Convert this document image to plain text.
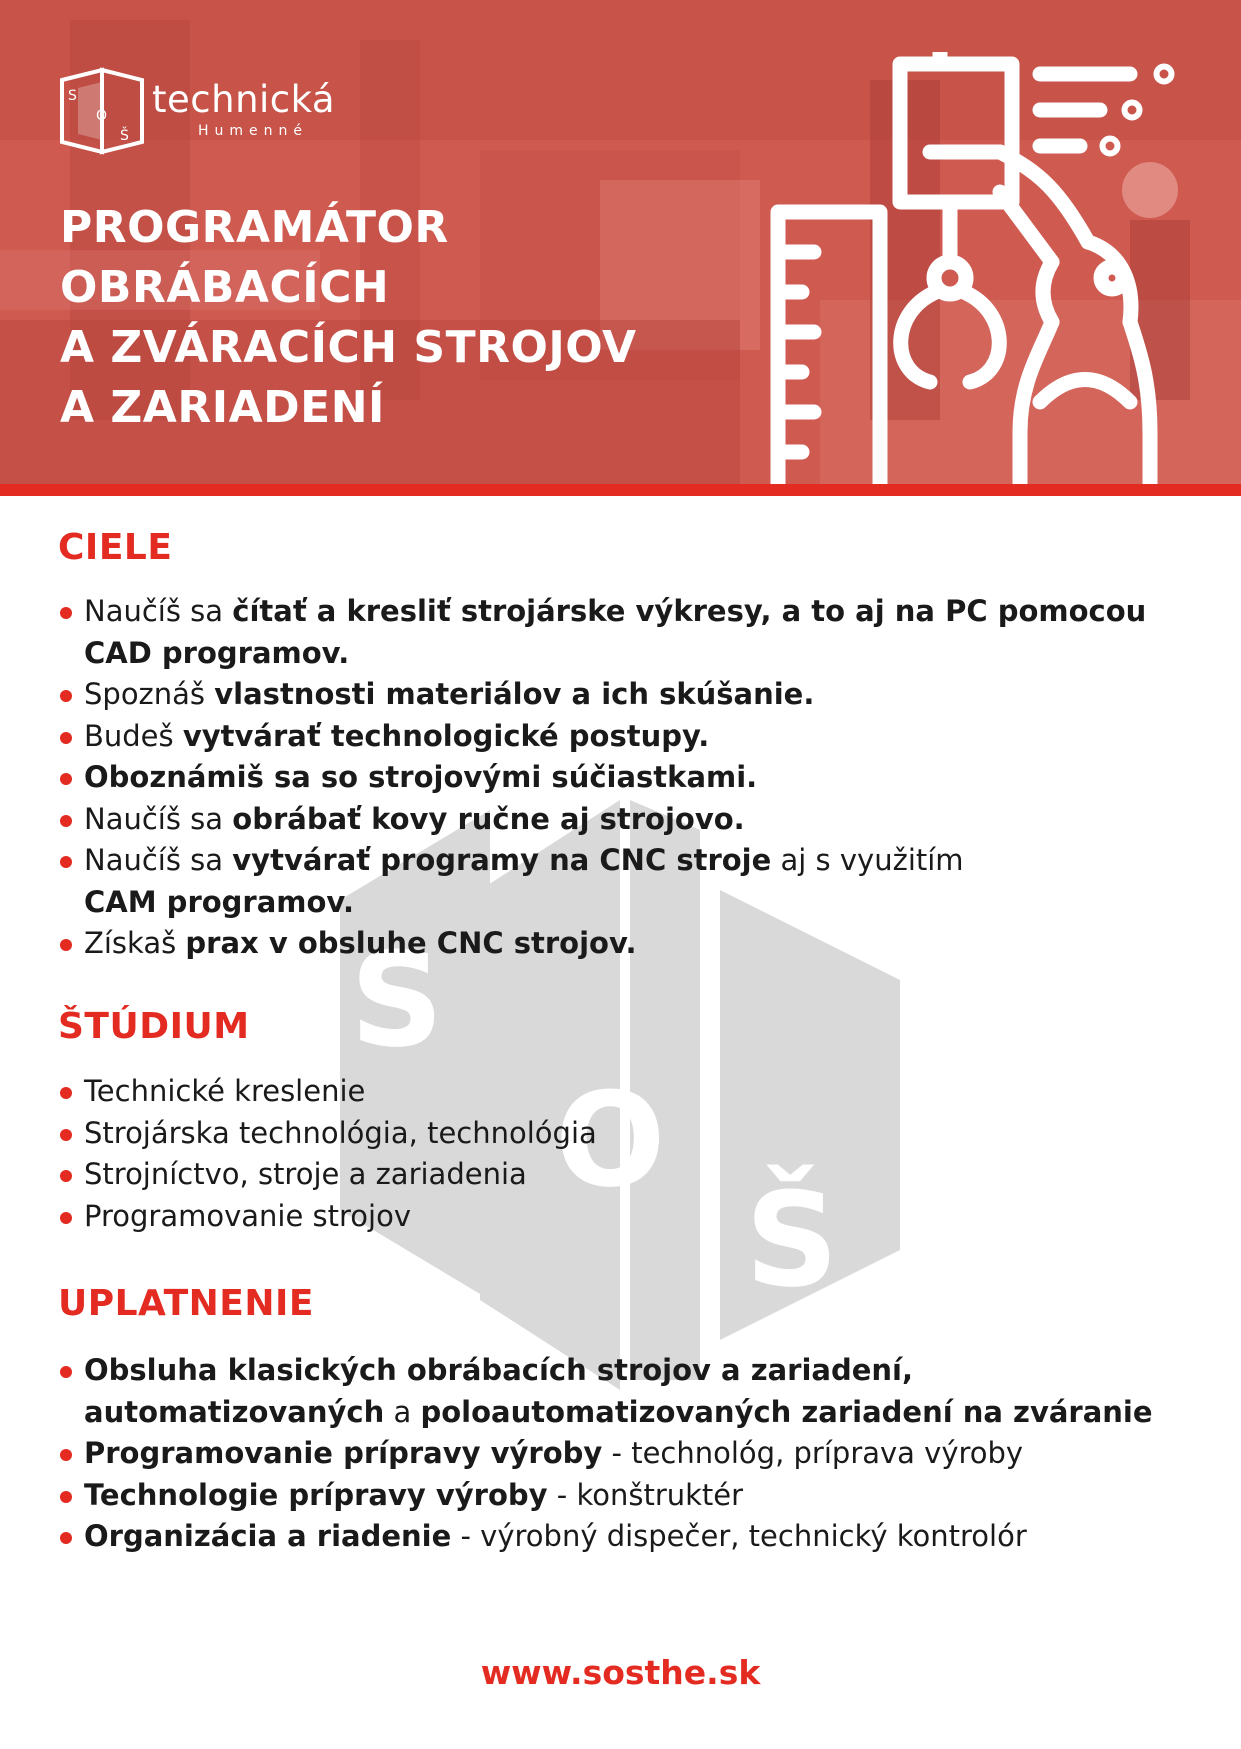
S
O
Š
technická
Humenné
PROGRAMÁTOR
OBRÁBACÍCH
A ZVÁRACÍCH STROJOV
A ZARIADENÍ
S
O
Š
CIELE
Naučíš sa čítať a kresliť strojárske výkresy, a to aj na PC pomocou
CAD programov.
Spoznáš vlastnosti materiálov a ich skúšanie.
Budeš vytvárať technologické postupy.
Oboznámiš sa so strojovými súčiastkami.
Naučíš sa obrábať kovy ručne aj strojovo.
Naučíš sa vytvárať programy na CNC stroje aj s využitím
CAM programov.
Získaš prax v obsluhe CNC strojov.
ŠTÚDIUM
Technické kreslenie
Strojárska technológia, technológia
Strojníctvo, stroje a zariadenia
Programovanie strojov
UPLATNENIE
Obsluha klasických obrábacích strojov a zariadení,
automatizovaných a poloautomatizovaných zariadení na zváranie
Programovanie prípravy výroby - technológ, príprava výroby
Technologie prípravy výroby - konštruktér
Organizácia a riadenie - výrobný dispečer, technický kontrolór
www.sosthe.sk
